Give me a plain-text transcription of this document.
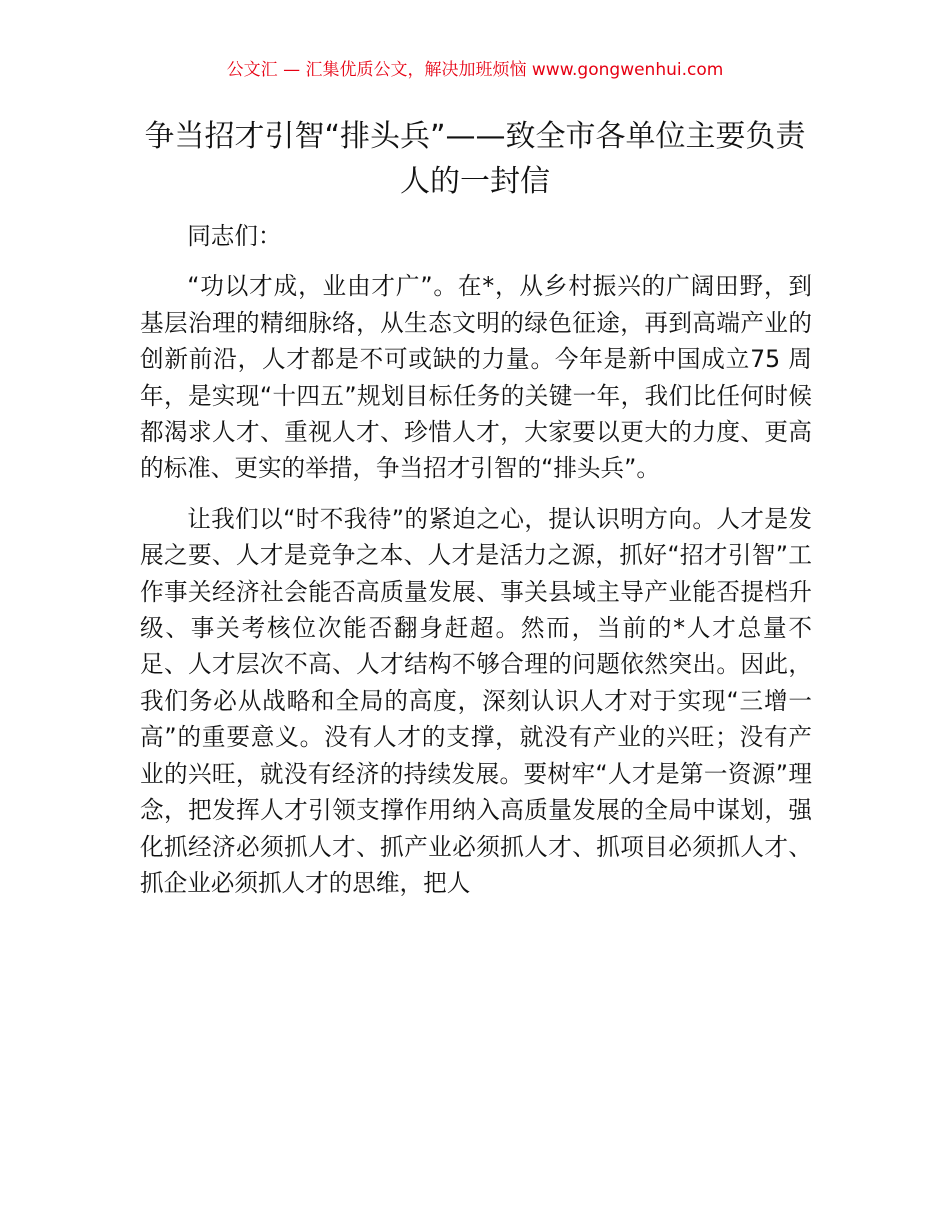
公文汇 — 汇集优质公文，解决加班烦恼 www.gongwenhui.com
争当招才引智“排头兵”——致全市各单位主要负责人的一封信

同志们：

“功以才成，业由才广”。在*，从乡村振兴的广阔田野，到基层治理的精细脉络，从生态文明的绿色征途，再到高端产业的创新前沿，人才都是不可或缺的力量。今年是新中国成立75 周年，是实现“十四五”规划目标任务的关键一年，我们比任何时候都渴求人才、重视人才、珍惜人才，大家要以更大的力度、更高的标准、更实的举措，争当招才引智的“排头兵”。

让我们以“时不我待”的紧迫之心，提认识明方向。人才是发展之要、人才是竞争之本、人才是活力之源，抓好“招才引智”工作事关经济社会能否高质量发展、事关县域主导产业能否提档升级、事关考核位次能否翻身赶超。然而，当前的*人才总量不足、人才层次不高、人才结构不够合理的问题依然突出。因此，我们务必从战略和全局的高度，深刻认识人才对于实现“三增一高”的重要意义。没有人才的支撑，就没有产业的兴旺；没有产业的兴旺，就没有经济的持续发展。要树牢“人才是第一资源”理念，把发挥人才引领支撑作用纳入高质量发展的全局中谋划，强化抓经济必须抓人才、抓产业必须抓人才、抓项目必须抓人才、抓企业必须抓人才的思维，把人
